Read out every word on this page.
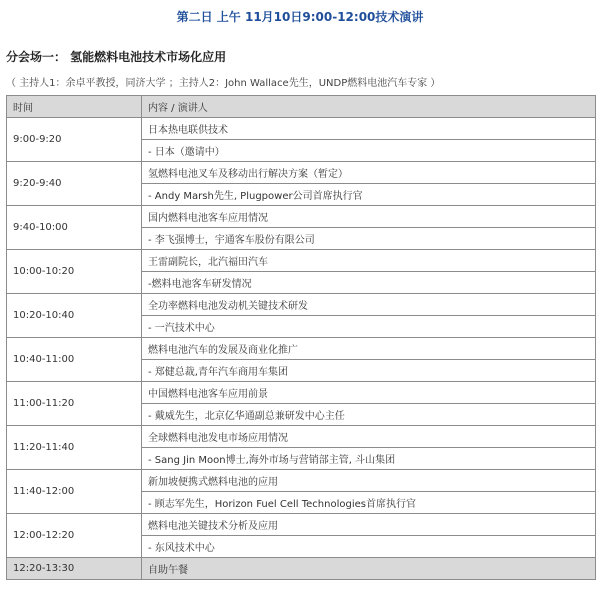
第二日 上午 11月10日9:00-12:00技术演讲
分会场一： 氢能燃料电池技术市场化应用
（ 主持人1：余卓平教授，同济大学 ；主持人2：John Wallace先生，UNDP燃料电池汽车专家 ）
时间	内容 / 演讲人
9:00-9:20	日本热电联供技术
	- 日本（邀请中）
9:20-9:40	氢燃料电池叉车及移动出行解决方案（暂定）
	- Andy Marsh先生, Plugpower公司首席执行官
9:40-10:00	国内燃料电池客车应用情况
	- 李飞强博士，宇通客车股份有限公司
10:00-10:20	王雷副院长，北汽福田汽车
	-燃料电池客车研发情况
10:20-10:40	全功率燃料电池发动机关键技术研发
	- 一汽技术中心
10:40-11:00	燃料电池汽车的发展及商业化推广
	- 郑健总裁,青年汽车商用车集团
11:00-11:20	中国燃料电池客车应用前景
	- 戴威先生，北京亿华通副总兼研发中心主任
11:20-11:40	全球燃料电池发电市场应用情况
	- Sang Jin Moon博士,海外市场与营销部主管, 斗山集团
11:40-12:00	新加坡便携式燃料电池的应用
	- 顾志军先生，Horizon Fuel Cell Technologies首席执行官
12:00-12:20	燃料电池关键技术分析及应用
	- 东风技术中心
12:20-13:30	自助午餐
